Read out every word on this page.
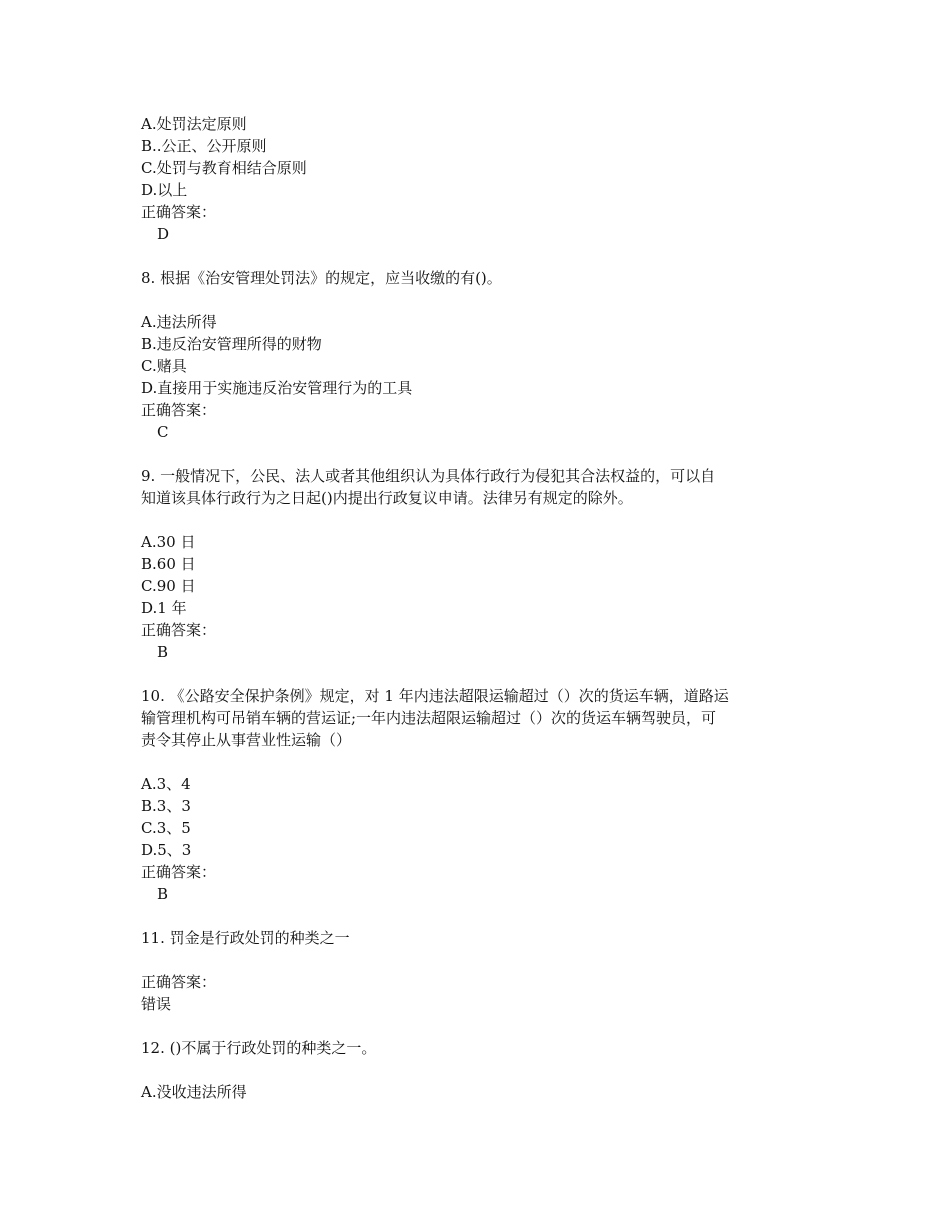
A.处罚法定原则
B..公正、公开原则
C.处罚与教育相结合原则
D.以上
正确答案：
D
8. 根据《治安管理处罚法》的规定，应当收缴的有()。
A.违法所得
B.违反治安管理所得的财物
C.赌具
D.直接用于实施违反治安管理行为的工具
正确答案：
C
9. 一般情况下，公民、法人或者其他组织认为具体行政行为侵犯其合法权益的，可以自
知道该具体行政行为之日起()内提出行政复议申请。法律另有规定的除外。
A.30 日
B.60 日
C.90 日
D.1 年
正确答案：
B
10. 《公路安全保护条例》规定，对 1 年内违法超限运输超过（）次的货运车辆，道路运
输管理机构可吊销车辆的营运证;一年内违法超限运输超过（）次的货运车辆驾驶员，可
责令其停止从事营业性运输（）
A.3、4
B.3、3
C.3、5
D.5、3
正确答案：
B
11. 罚金是行政处罚的种类之一
正确答案：
错误
12. ()不属于行政处罚的种类之一。
A.没收违法所得
